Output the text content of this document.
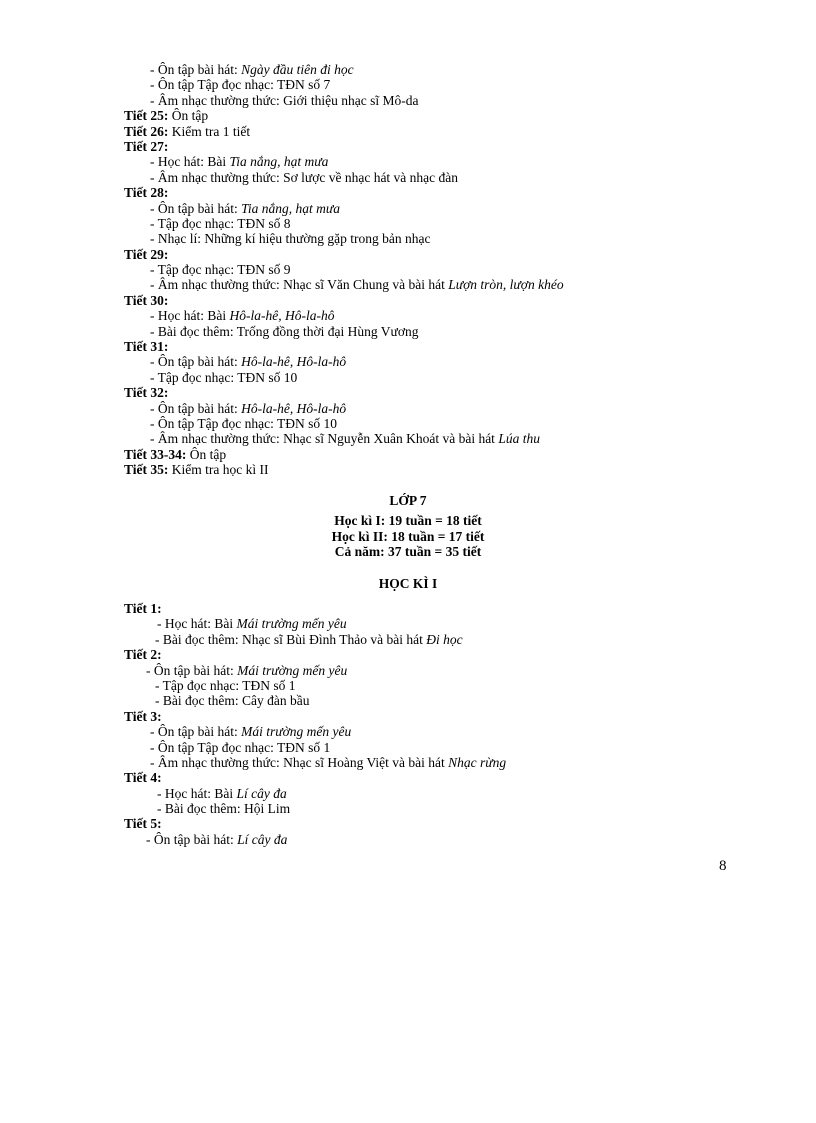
- Ôn tập bài hát: Ngày đầu tiên đi học
- Ôn tập Tập đọc nhạc: TĐN số 7
- Âm nhạc thường thức: Giới thiệu nhạc sĩ Mô-da
Tiết 25: Ôn tập
Tiết 26: Kiểm tra 1 tiết
Tiết 27:
- Học hát: Bài Tia nắng, hạt mưa
- Âm nhạc thường thức: Sơ lược về nhạc hát và nhạc đàn
Tiết 28:
- Ôn tập bài hát: Tia nắng, hạt mưa
- Tập đọc nhạc: TĐN số 8
- Nhạc lí: Những kí hiệu thường gặp trong bản nhạc
Tiết 29:
- Tập đọc nhạc: TĐN số 9
- Âm nhạc thường thức: Nhạc sĩ Văn Chung và bài hát Lượn tròn, lượn khéo
Tiết 30:
- Học hát: Bài Hô-la-hê, Hô-la-hô
- Bài đọc thêm: Trống đồng thời đại Hùng Vương
Tiết 31:
- Ôn tập bài hát: Hô-la-hê, Hô-la-hô
- Tập đọc nhạc: TĐN số 10
Tiết 32:
- Ôn tập bài hát: Hô-la-hê, Hô-la-hô
- Ôn tập Tập đọc nhạc: TĐN số 10
- Âm nhạc thường thức: Nhạc sĩ Nguyễn Xuân Khoát và bài hát Lúa thu
Tiết 33-34: Ôn tập
Tiết 35: Kiểm tra học kì II
LỚP 7
Học kì I: 19 tuần = 18 tiết
Học kì II: 18 tuần = 17 tiết
Cả năm: 37 tuần = 35 tiết
HỌC KÌ I
Tiết 1:
- Học hát: Bài Mái trường mến yêu
- Bài đọc thêm: Nhạc sĩ Bùi Đình Thảo và bài hát Đi học
Tiết 2:
- Ôn tập bài hát: Mái trường mến yêu
- Tập đọc nhạc: TĐN số 1
- Bài đọc thêm: Cây đàn bầu
Tiết 3:
- Ôn tập bài hát: Mái trường mến yêu
- Ôn tập Tập đọc nhạc: TĐN số 1
- Âm nhạc thường thức: Nhạc sĩ Hoàng Việt và bài hát Nhạc rừng
Tiết 4:
- Học hát: Bài Lí cây đa
- Bài đọc thêm: Hội Lim
Tiết 5:
- Ôn tập bài hát: Lí cây đa
8
